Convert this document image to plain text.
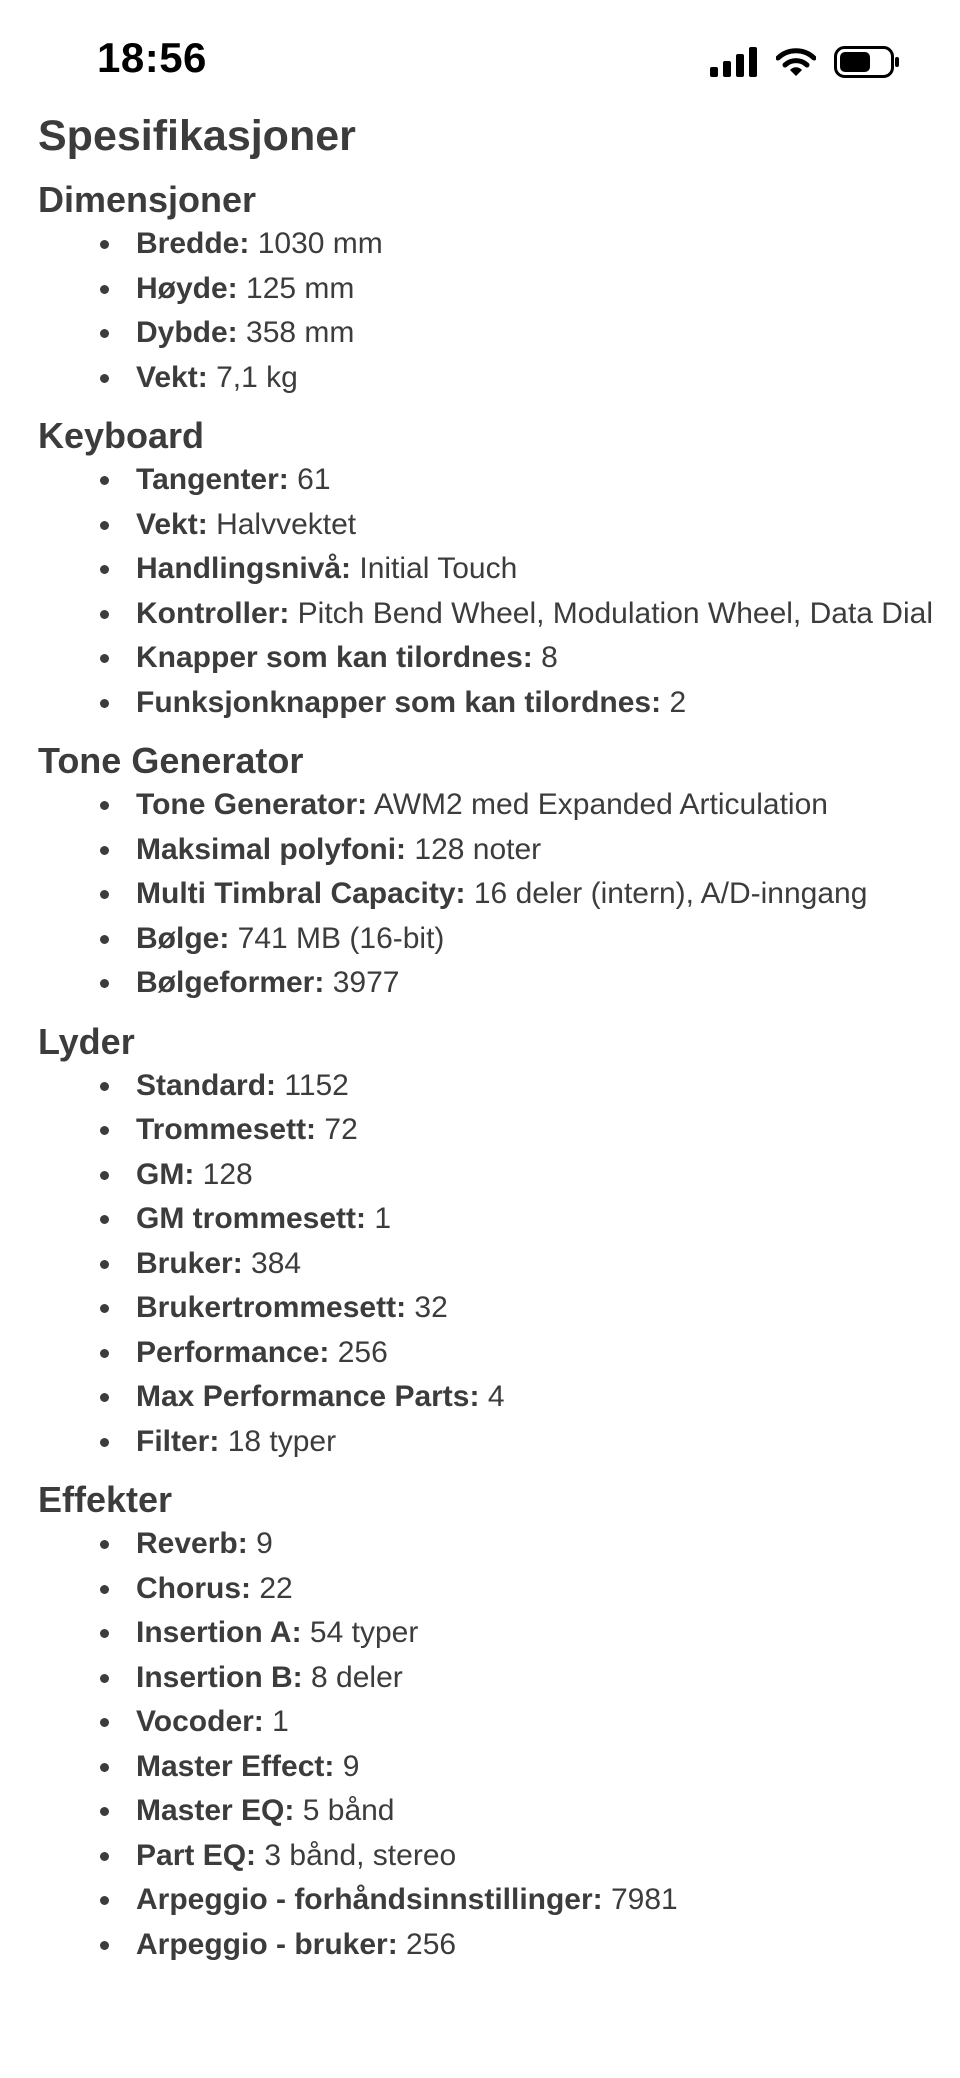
18:56
Spesifikasjoner
Dimensjoner
Bredde: 1030 mm
Høyde: 125 mm
Dybde: 358 mm
Vekt: 7,1 kg
Keyboard
Tangenter: 61
Vekt: Halvvektet
Handlingsnivå: Initial Touch
Kontroller: Pitch Bend Wheel, Modulation Wheel, Data Dial
Knapper som kan tilordnes: 8
Funksjonknapper som kan tilordnes: 2
Tone Generator
Tone Generator: AWM2 med Expanded Articulation
Maksimal polyfoni: 128 noter
Multi Timbral Capacity: 16 deler (intern), A/D-inngang
Bølge: 741 MB (16-bit)
Bølgeformer: 3977
Lyder
Standard: 1152
Trommesett: 72
GM: 128
GM trommesett: 1
Bruker: 384
Brukertrommesett: 32
Performance: 256
Max Performance Parts: 4
Filter: 18 typer
Effekter
Reverb: 9
Chorus: 22
Insertion A: 54 typer
Insertion B: 8 deler
Vocoder: 1
Master Effect: 9
Master EQ: 5 bånd
Part EQ: 3 bånd, stereo
Arpeggio - forhåndsinnstillinger: 7981
Arpeggio - bruker: 256
